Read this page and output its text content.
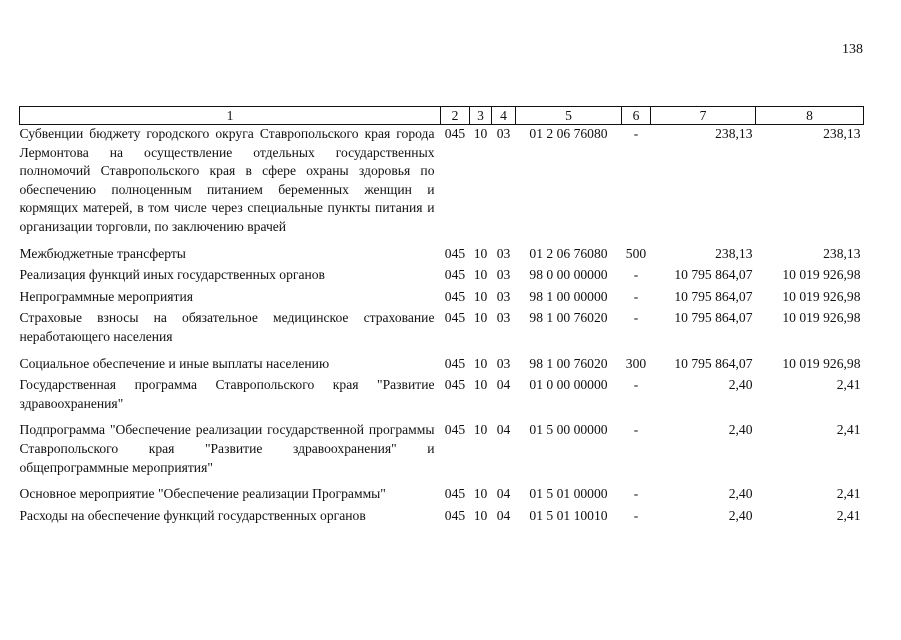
138
1	2	3	4	5	6	7	8
Субвенции бюджету городского округа Ставропольского края города Лермонтова на осуществление отдельных государственных полномочий Ставропольского края в сфере охраны здоровья по обеспечению полноценным питанием беременных женщин и кормящих матерей, в том числе через специальные пункты питания и организации торговли, по заключению врачей	045	10	03	01 2 06 76080	-	238,13	238,13
Межбюджетные трансферты	045	10	03	01 2 06 76080	500	238,13	238,13
Реализация функций иных государственных органов	045	10	03	98 0 00 00000	-	10 795 864,07	10 019 926,98
Непрограммные мероприятия	045	10	03	98 1 00 00000	-	10 795 864,07	10 019 926,98
Страховые взносы на обязательное медицинское страхование неработающего населения	045	10	03	98 1 00 76020	-	10 795 864,07	10 019 926,98
Социальное обеспечение и иные выплаты населению	045	10	03	98 1 00 76020	300	10 795 864,07	10 019 926,98
Государственная программа Ставропольского края "Развитие здравоохранения"	045	10	04	01 0 00 00000	-	2,40	2,41
Подпрограмма "Обеспечение реализации государственной программы Ставропольского края "Развитие здравоохранения" и общепрограммные мероприятия"	045	10	04	01 5 00 00000	-	2,40	2,41
Основное мероприятие "Обеспечение реализации Программы"	045	10	04	01 5 01 00000	-	2,40	2,41
Расходы на обеспечение функций государственных органов	045	10	04	01 5 01 10010	-	2,40	2,41
